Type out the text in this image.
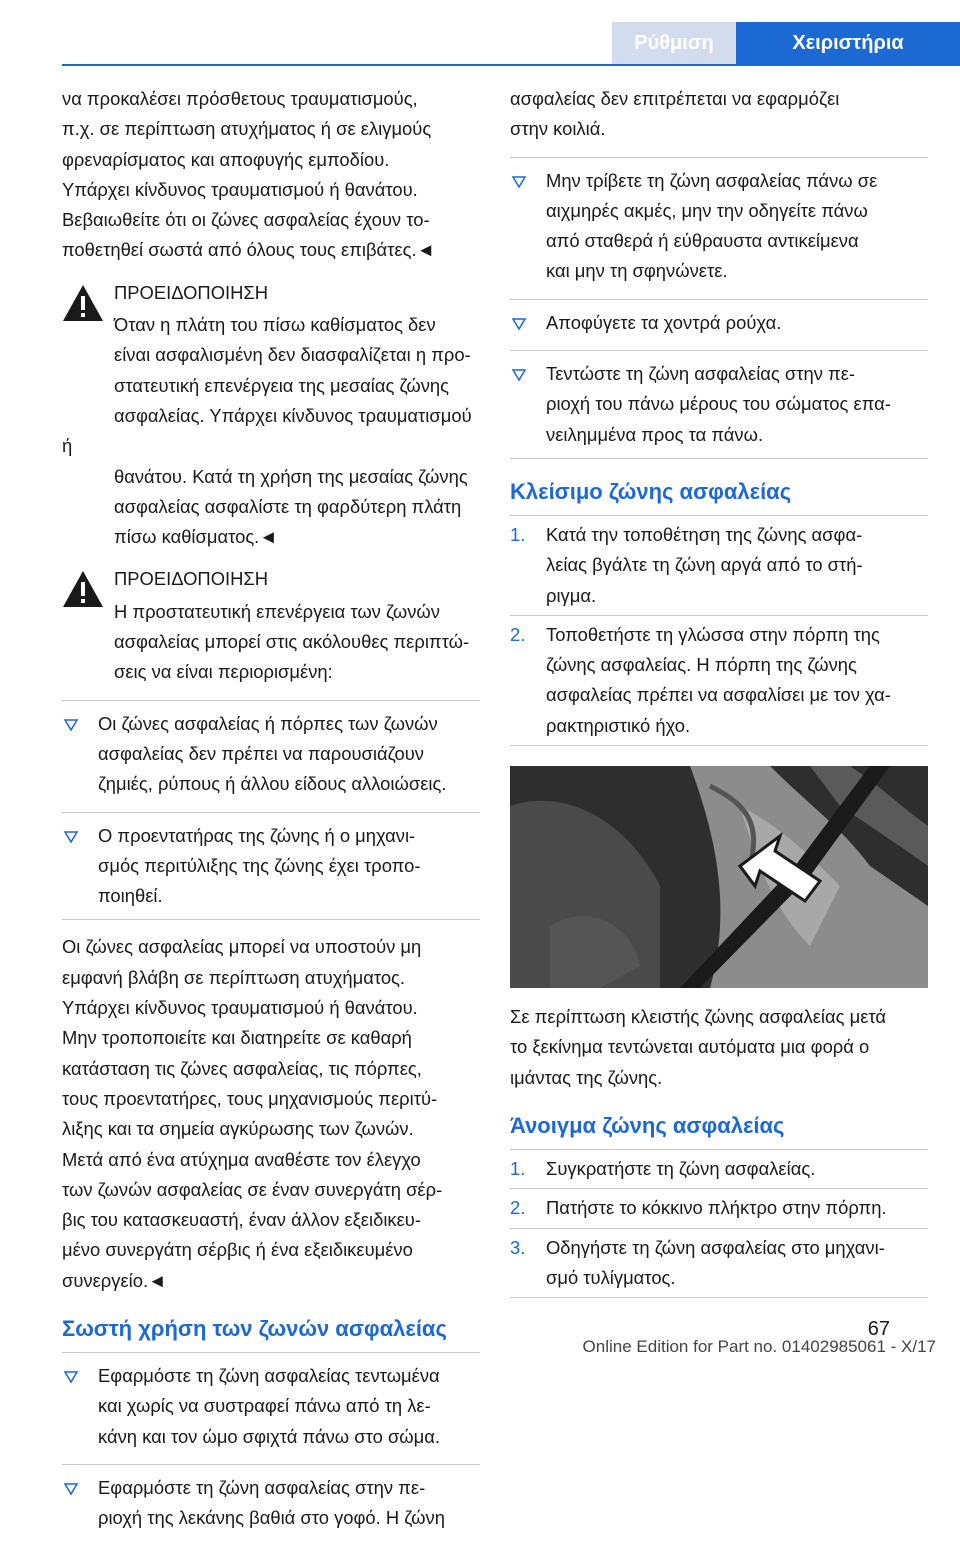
Ρύθμιση	Χειριστήρια
να προκαλέσει πρόσθετους τραυματισμούς,
π.χ. σε περίπτωση ατυχήματος ή σε ελιγμούς
φρεναρίσματος και αποφυγής εμποδίου.
Υπάρχει κίνδυνος τραυματισμού ή θανάτου.
Βεβαιωθείτε ότι οι ζώνες ασφαλείας έχουν το-
ποθετηθεί σωστά από όλους τους επιβάτες.◄
ΠΡΟΕΙΔΟΠΟΙΗΣΗ
Όταν η πλάτη του πίσω καθίσματος δεν
είναι ασφαλισμένη δεν διασφαλίζεται η προ-
στατευτική επενέργεια της μεσαίας ζώνης
ασφαλείας. Υπάρχει κίνδυνος τραυματισμού ή
θανάτου. Κατά τη χρήση της μεσαίας ζώνης
ασφαλείας ασφαλίστε τη φαρδύτερη πλάτη
πίσω καθίσματος.◄
ΠΡΟΕΙΔΟΠΟΙΗΣΗ
Η προστατευτική επενέργεια των ζωνών
ασφαλείας μπορεί στις ακόλουθες περιπτώ-
σεις να είναι περιορισμένη:
Οι ζώνες ασφαλείας ή πόρπες των ζωνών
ασφαλείας δεν πρέπει να παρουσιάζουν
ζημιές, ρύπους ή άλλου είδους αλλοιώσεις.
Ο προεντατήρας της ζώνης ή ο μηχανι-
σμός περιτύλιξης της ζώνης έχει τροπο-
ποιηθεί.
Οι ζώνες ασφαλείας μπορεί να υποστούν μη
εμφανή βλάβη σε περίπτωση ατυχήματος.
Υπάρχει κίνδυνος τραυματισμού ή θανάτου.
Μην τροποποιείτε και διατηρείτε σε καθαρή
κατάσταση τις ζώνες ασφαλείας, τις πόρπες,
τους προεντατήρες, τους μηχανισμούς περιτύ-
λιξης και τα σημεία αγκύρωσης των ζωνών.
Μετά από ένα ατύχημα αναθέστε τον έλεγχο
των ζωνών ασφαλείας σε έναν συνεργάτη σέρ-
βις του κατασκευαστή, έναν άλλον εξειδικευ-
μένο συνεργάτη σέρβις ή ένα εξειδικευμένο
συνεργείο.◄
Σωστή χρήση των ζωνών ασφαλείας
Εφαρμόστε τη ζώνη ασφαλείας τεντωμένα
και χωρίς να συστραφεί πάνω από τη λε-
κάνη και τον ώμο σφιχτά πάνω στο σώμα.
Εφαρμόστε τη ζώνη ασφαλείας στην πε-
ριοχή της λεκάνης βαθιά στο γοφό. Η ζώνη
ασφαλείας δεν επιτρέπεται να εφαρμόζει
στην κοιλιά.
Μην τρίβετε τη ζώνη ασφαλείας πάνω σε
αιχμηρές ακμές, μην την οδηγείτε πάνω
από σταθερά ή εύθραυστα αντικείμενα
και μην τη σφηνώνετε.
Αποφύγετε τα χοντρά ρούχα.
Τεντώστε τη ζώνη ασφαλείας στην πε-
ριοχή του πάνω μέρους του σώματος επα-
νειλημμένα προς τα πάνω.
Κλείσιμο ζώνης ασφαλείας
1. Κατά την τοποθέτηση της ζώνης ασφα-
λείας βγάλτε τη ζώνη αργά από το στή-
ριγμα.
2. Τοποθετήστε τη γλώσσα στην πόρπη της
ζώνης ασφαλείας. Η πόρπη της ζώνης
ασφαλείας πρέπει να ασφαλίσει με τον χα-
ρακτηριστικό ήχο.
Σε περίπτωση κλειστής ζώνης ασφαλείας μετά
το ξεκίνημα τεντώνεται αυτόματα μια φορά ο
ιμάντας της ζώνης.
Άνοιγμα ζώνης ασφαλείας
1. Συγκρατήστε τη ζώνη ασφαλείας.
2. Πατήστε το κόκκινο πλήκτρο στην πόρπη.
3. Οδηγήστε τη ζώνη ασφαλείας στο μηχανι-
σμό τυλίγματος.
67
Online Edition for Part no. 01402985061 - X/17
